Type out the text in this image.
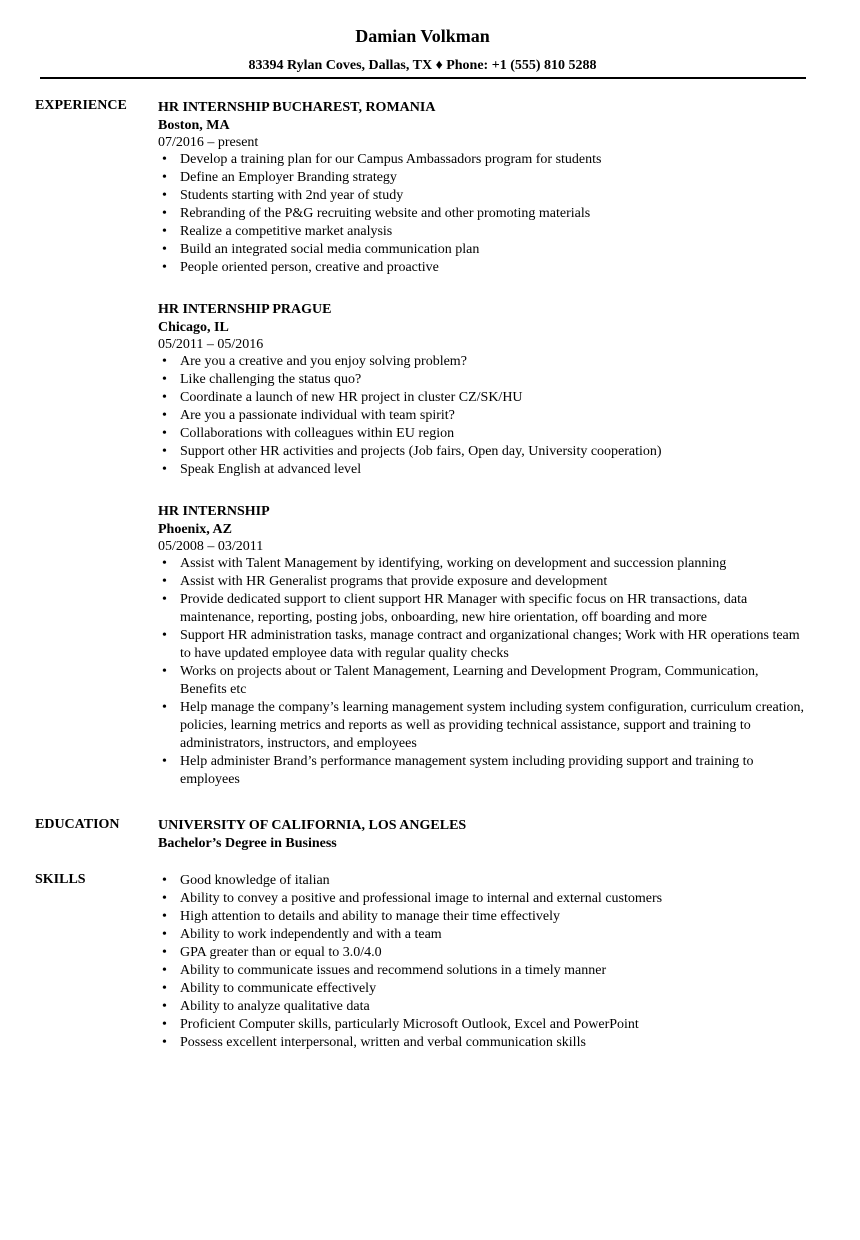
Damian Volkman
83394 Rylan Coves, Dallas, TX ♦ Phone: +1 (555) 810 5288
EXPERIENCE HR INTERNSHIP BUCHAREST, ROMANIA
Boston, MA
07/2016 – present
• Develop a training plan for our Campus Ambassadors program for students
• Define an Employer Branding strategy
• Students starting with 2nd year of study
• Rebranding of the P&G recruiting website and other promoting materials
• Realize a competitive market analysis
• Build an integrated social media communication plan
• People oriented person, creative and proactive
HR INTERNSHIP PRAGUE
Chicago, IL
05/2011 – 05/2016
• Are you a creative and you enjoy solving problem?
• Like challenging the status quo?
• Coordinate a launch of new HR project in cluster CZ/SK/HU
• Are you a passionate individual with team spirit?
• Collaborations with colleagues within EU region
• Support other HR activities and projects (Job fairs, Open day, University cooperation)
• Speak English at advanced level
HR INTERNSHIP
Phoenix, AZ
05/2008 – 03/2011
• Assist with Talent Management by identifying, working on development and succession planning
• Assist with HR Generalist programs that provide exposure and development
• Provide dedicated support to client support HR Manager with specific focus on HR transactions, data maintenance, reporting, posting jobs, onboarding, new hire orientation, off boarding and more
• Support HR administration tasks, manage contract and organizational changes; Work with HR operations team to have updated employee data with regular quality checks
• Works on projects about or Talent Management, Learning and Development Program, Communication, Benefits etc
• Help manage the company’s learning management system including system configuration, curriculum creation, policies, learning metrics and reports as well as providing technical assistance, support and training to administrators, instructors, and employees
• Help administer Brand’s performance management system including providing support and training to employees
EDUCATION	UNIVERSITY OF CALIFORNIA, LOS ANGELES
Bachelor’s Degree in Business
SKILLS	• Good knowledge of italian
• Ability to convey a positive and professional image to internal and external customers
• High attention to details and ability to manage their time effectively
• Ability to work independently and with a team
• GPA greater than or equal to 3.0/4.0
• Ability to communicate issues and recommend solutions in a timely manner
• Ability to communicate effectively
• Ability to analyze qualitative data
• Proficient Computer skills, particularly Microsoft Outlook, Excel and PowerPoint
• Possess excellent interpersonal, written and verbal communication skills
